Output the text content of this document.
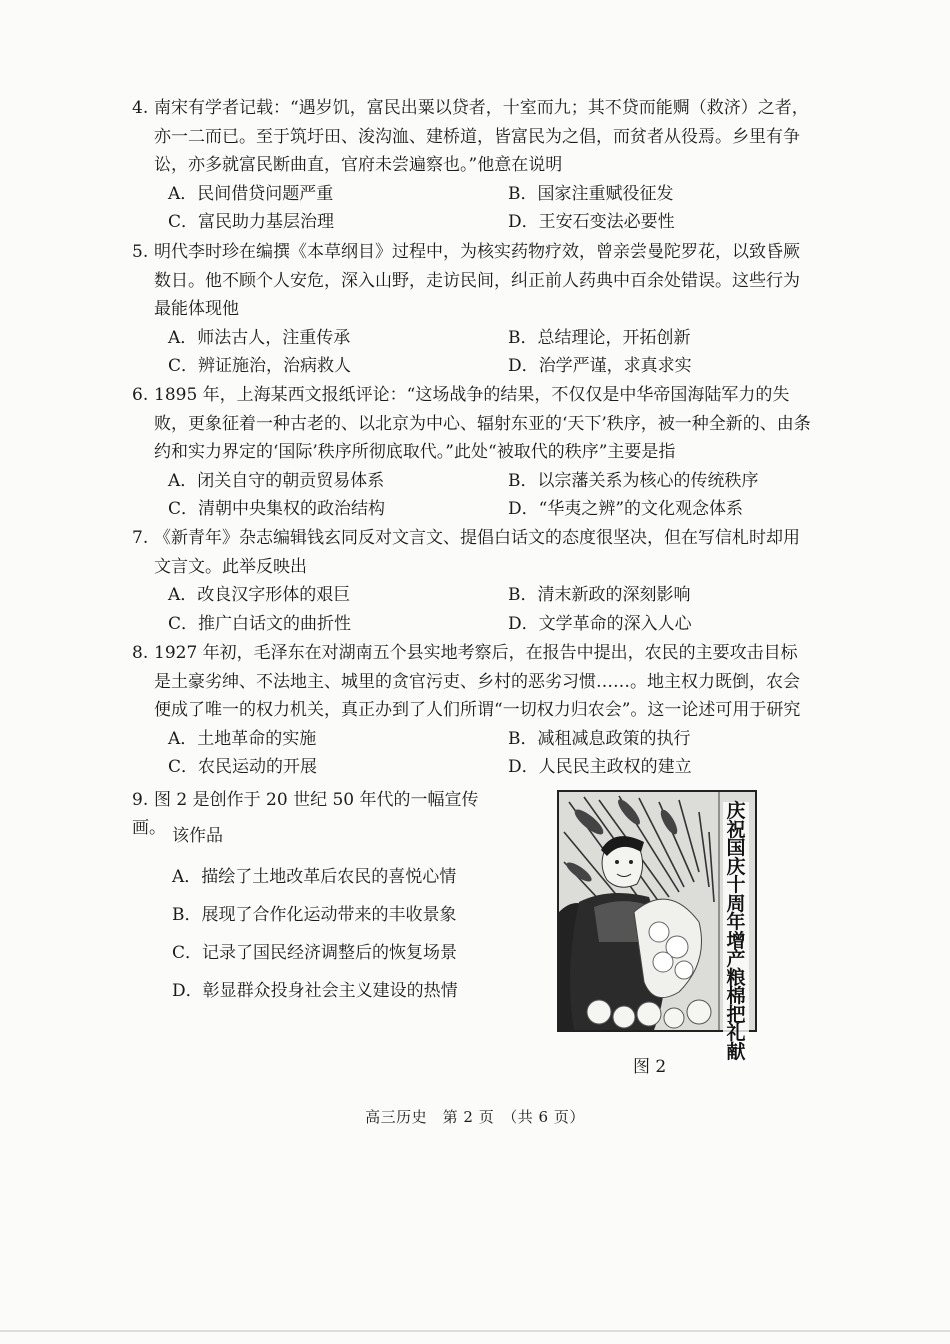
4. 南宋有学者记载：“遇岁饥，富民出粟以贷者，十室而九；其不贷而能赒（救济）之者，亦一二而已。至于筑圩田、浚沟洫、建桥道，皆富民为之倡，而贫者从役焉。乡里有争讼，亦多就富民断曲直，官府未尝遍察也。”他意在说明

A．民间借贷问题严重	B．国家注重赋役征发
C．富民助力基层治理	D．王安石变法必要性

5. 明代李时珍在编撰《本草纲目》过程中，为核实药物疗效，曾亲尝曼陀罗花，以致昏厥数日。他不顾个人安危，深入山野，走访民间，纠正前人药典中百余处错误。这些行为最能体现他

A．师法古人，注重传承	B．总结理论，开拓创新
C．辨证施治，治病救人	D．治学严谨，求真求实

6. 1895 年，上海某西文报纸评论：“这场战争的结果，不仅仅是中华帝国海陆军力的失败，更象征着一种古老的、以北京为中心、辐射东亚的‘天下’秩序，被一种全新的、由条约和实力界定的‘国际’秩序所彻底取代。”此处“被取代的秩序”主要是指

A．闭关自守的朝贡贸易体系	B．以宗藩关系为核心的传统秩序
C．清朝中央集权的政治结构	D．“华夷之辨”的文化观念体系

7. 《新青年》杂志编辑钱玄同反对文言文、提倡白话文的态度很坚决，但在写信札时却用文言文。此举反映出

A．改良汉字形体的艰巨	B．清末新政的深刻影响
C．推广白话文的曲折性	D．文学革命的深入人心

8. 1927 年初，毛泽东在对湖南五个县实地考察后，在报告中提出，农民的主要攻击目标是土豪劣绅、不法地主、城里的贪官污吏、乡村的恶劣习惯……。地主权力既倒，农会便成了唯一的权力机关，真正办到了人们所谓“一切权力归农会”。这一论述可用于研究

A．土地革命的实施	B．减租减息政策的执行
C．农民运动的开展	D．人民民主政权的建立
9. 图 2 是创作于 20 世纪 50 年代的一幅宣传画。 该作品
A．描绘了土地改革后农民的喜悦心情
B．展现了合作化运动带来的丰收景象
C．记录了国民经济调整后的恢复场景
D．彰显群众投身社会主义建设的热情
庆祝国庆十周年增产粮棉把礼献
图 2
高三历史　第 2 页　（共 6 页）
